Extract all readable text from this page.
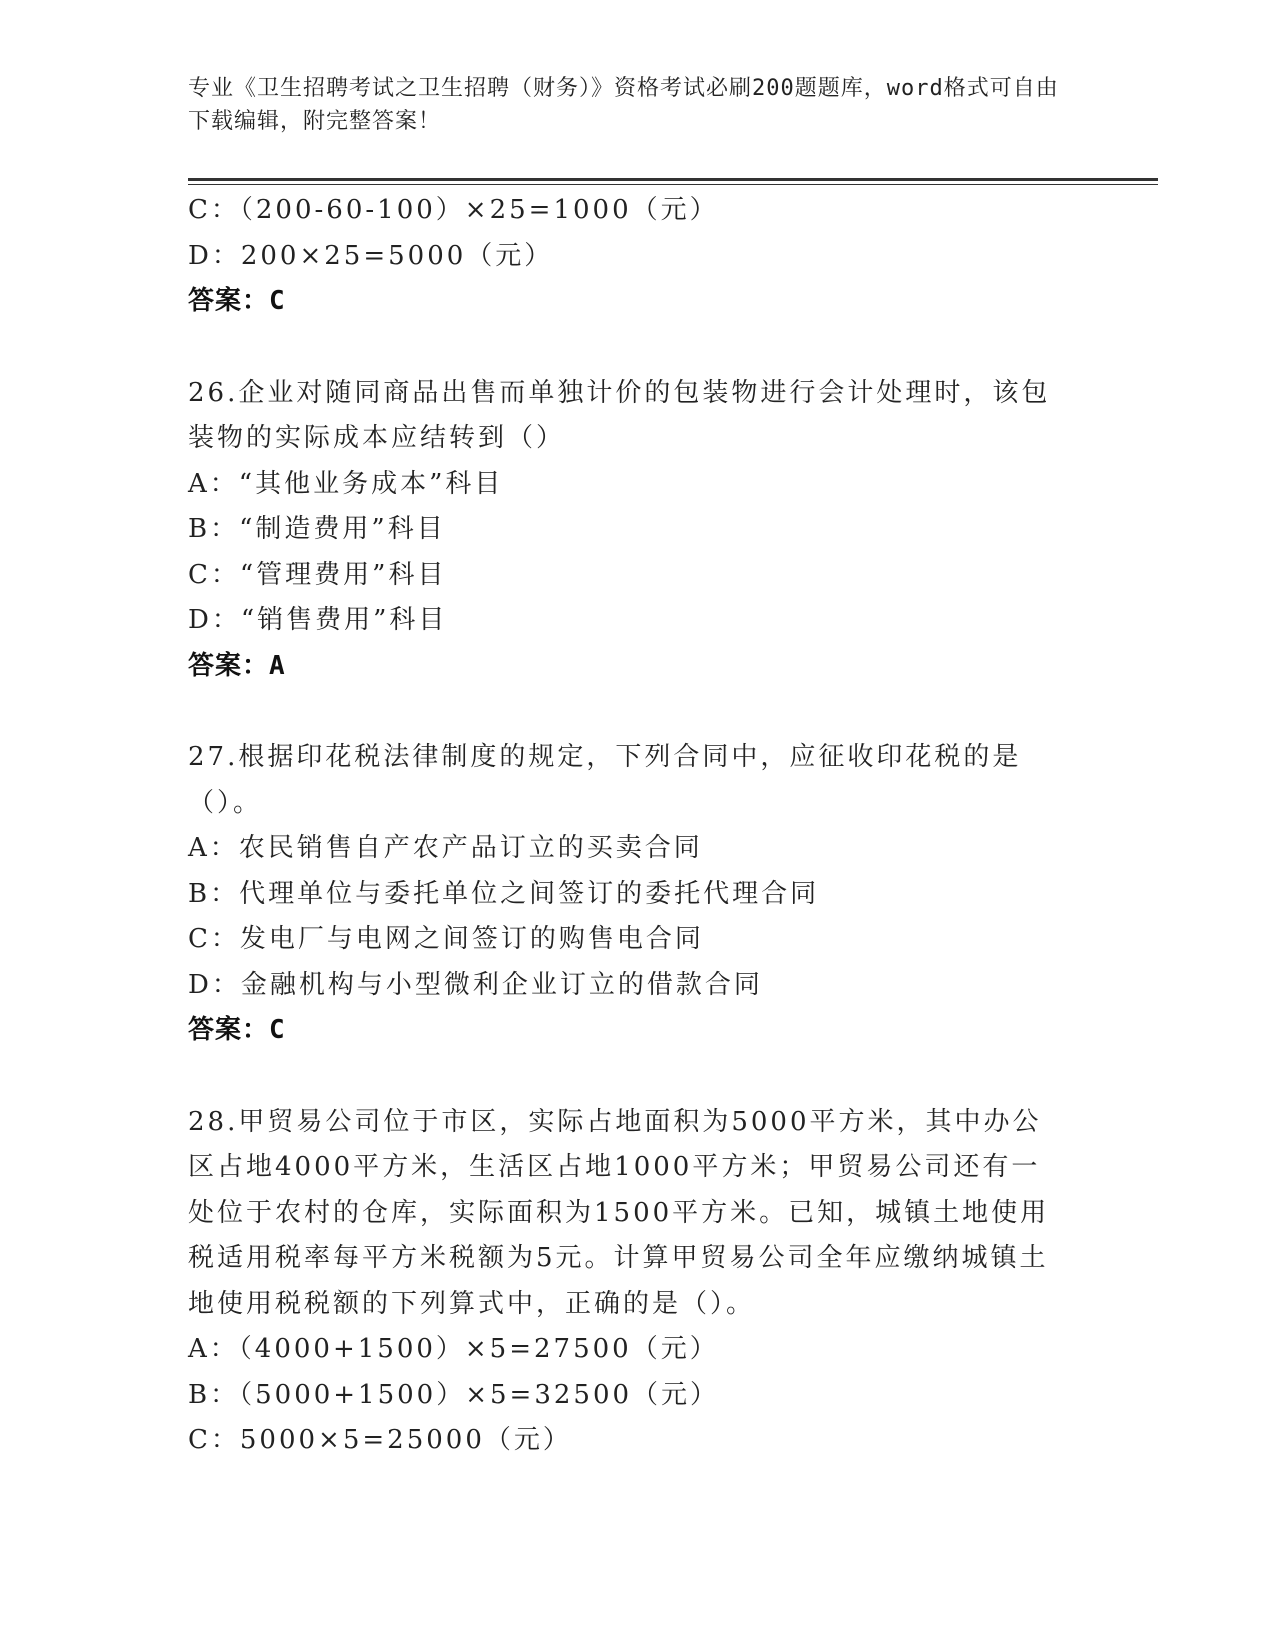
专业《卫生招聘考试之卫生招聘（财务）》资格考试必刷200题题库，word格式可自由下载编辑，附完整答案！
C：（200-60-100）×25=1000（元）
D：200×25=5000（元）
答案：C
26.企业对随同商品出售而单独计价的包装物进行会计处理时，该包装物的实际成本应结转到（）
A：“其他业务成本”科目
B：“制造费用”科目
C：“管理费用”科目
D：“销售费用”科目
答案：A
27.根据印花税法律制度的规定，下列合同中，应征收印花税的是（）。
A：农民销售自产农产品订立的买卖合同
B：代理单位与委托单位之间签订的委托代理合同
C：发电厂与电网之间签订的购售电合同
D：金融机构与小型微利企业订立的借款合同
答案：C
28.甲贸易公司位于市区，实际占地面积为5000平方米，其中办公区占地4000平方米，生活区占地1000平方米；甲贸易公司还有一处位于农村的仓库，实际面积为1500平方米。已知，城镇土地使用税适用税率每平方米税额为5元。计算甲贸易公司全年应缴纳城镇土地使用税税额的下列算式中，正确的是（）。
A：（4000+1500）×5=27500（元）
B：（5000+1500）×5=32500（元）
C：5000×5=25000（元）
